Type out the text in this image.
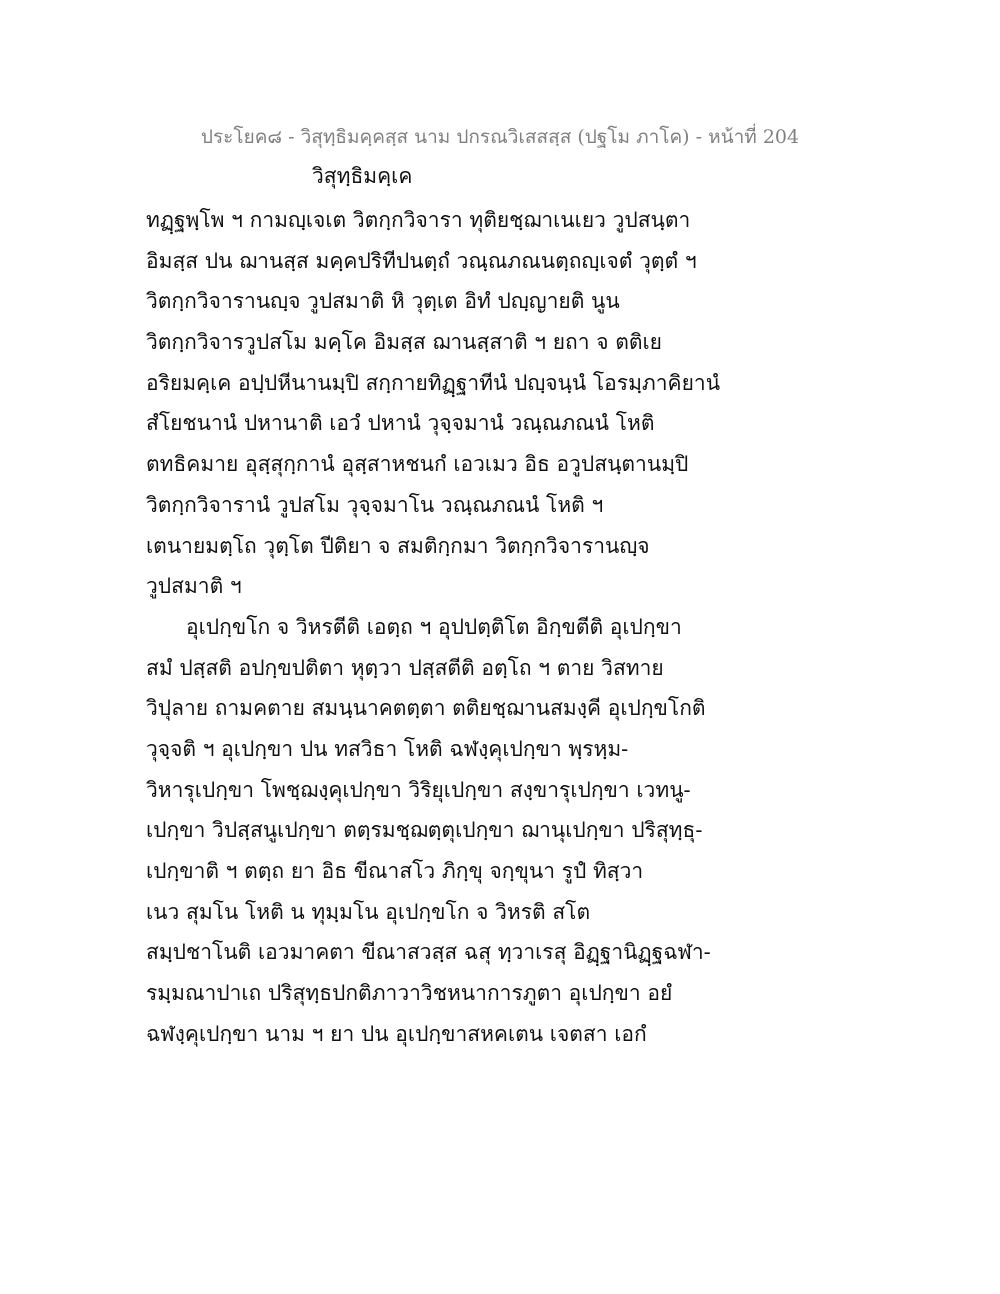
ประโยค๘ - วิสุทฺธิมคฺคสฺส นาม ปกรณวิเสสสฺส (ปฐโม ภาโค) - หน้าที่ 204
วิสุทฺธิมคฺเค
ทฏฺฐพฺโพ ฯ กามญฺเจเต วิตกฺกวิจารา ทุติยชฺฌาเนเยว วูปสนฺตา
อิมสฺส ปน ฌานสฺส มคฺคปริทีปนตฺถํ วณฺณภณนตฺถญฺเจตํ วุตฺตํ ฯ
วิตกฺกวิจารานญฺจ วูปสมาติ หิ วุตฺเต อิทํ ปญฺญายติ นูน
วิตกฺกวิจารวูปสโม มคฺโค อิมสฺส ฌานสฺสาติ ฯ ยถา จ ตติเย
อริยมคฺเค อปฺปหีนานมฺปิ สกฺกายทิฏฺฐาทีนํ ปญฺจนฺนํ โอรมฺภาคิยานํ
สํโยชนานํ ปหานาติ เอวํ ปหานํ วุจฺจมานํ วณฺณภณนํ โหติ
ตทธิคมาย อุสฺสุกฺกานํ อุสฺสาหชนกํ เอวเมว อิธ อวูปสนฺตานมฺปิ
วิตกฺกวิจารานํ วูปสโม วุจฺจมาโน วณฺณภณนํ โหติ ฯ
เตนายมตฺโถ วุตฺโต ปีติยา จ สมติกฺกมา วิตกฺกวิจารานญฺจ
วูปสมาติ ฯ
อุเปกฺขโก จ วิหรตีติ เอตฺถ ฯ อุปปตฺติโต อิกฺขตีติ อุเปกฺขา
สมํ ปสฺสติ อปกฺขปติตา หุตฺวา ปสฺสตีติ อตฺโถ ฯ ตาย วิสทาย
วิปุลาย ถามคตาย สมนฺนาคตตฺตา ตติยชฺฌานสมงฺคี อุเปกฺขโกติ
วุจฺจติ ฯ อุเปกฺขา ปน ทสวิธา โหติ ฉฬงฺคุเปกฺขา พฺรหฺม-
วิหารุเปกฺขา โพชฺฌงฺคุเปกฺขา วิริยุเปกฺขา สงฺขารุเปกฺขา เวทนู-
เปกฺขา วิปสฺสนูเปกฺขา ตตฺรมชฺฌตฺตุเปกฺขา ฌานุเปกฺขา ปริสุทฺธุ-
เปกฺขาติ ฯ ตตฺถ ยา อิธ ขีณาสโว ภิกฺขุ จกฺขุนา รูปํ ทิสฺวา
เนว สุมโน โหติ น ทุมฺมโน อุเปกฺขโก จ วิหรติ สโต
สมฺปชาโนติ เอวมาคตา ขีณาสวสฺส ฉสุ ทฺวาเรสุ อิฏฺฐานิฏฺฐฉฬา-
รมฺมณาปาเถ ปริสุทฺธปกติภาวาวิชหนาการภูตา อุเปกฺขา อยํ
ฉฬงฺคุเปกฺขา นาม ฯ ยา ปน อุเปกฺขาสหคเตน เจตสา เอกํ
